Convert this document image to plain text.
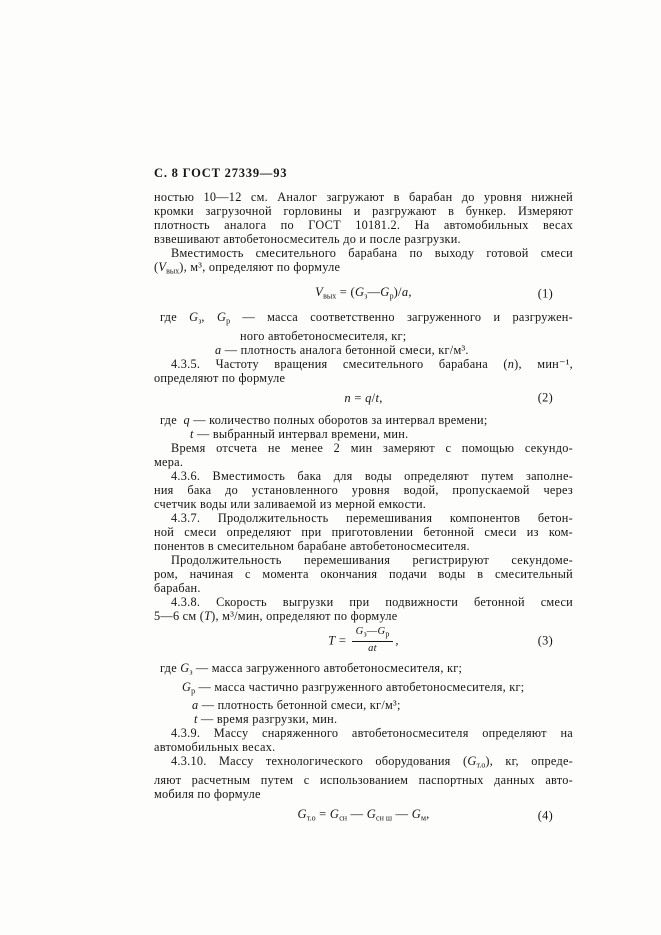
С. 8 ГОСТ 27339—93
ностью 10—12 см. Аналог загружают в барабан до уровня нижней
кромки загрузочной горловины и разгружают в бункер. Измеряют
плотность аналога по ГОСТ 10181.2. На автомобильных весах
взвешивают автобетоносмеситель до и после разгрузки.
Вместимость смесительного барабана по выходу готовой смеси
$(V_{вых})$, м³, определяют по формуле
$V_{вых}$ = $(G_з—G_р)/a$,	(1)
где $G_з$, $G_р$ — масса соответственно загруженного и разгружен-
ного автобетоносмесителя, кг;
a — плотность аналога бетонной смеси, кг/м³.
4.3.5. Частоту вращения смесительного барабана (n), мин⁻¹,
определяют по формуле
n = q/t,	(2)
где  q — количество полных оборотов за интервал времени;
t — выбранный интервал времени, мин.
Время отсчета не менее 2 мин замеряют с помощью секундо-
мера.
4.3.6. Вместимость бака для воды определяют путем заполне-
ния бака до установленного уровня водой, пропускаемой через
счетчик воды или заливаемой из мерной емкости.
4.3.7. Продолжительность перемешивания компонентов бетон-
ной смеси определяют при приготовлении бетонной смеси из ком-
понентов в смесительном барабане автобетоносмесителя.
Продолжительность перемешивания регистрируют секундоме-
ром, начиная с момента окончания подачи воды в смесительный
барабан.
4.3.8. Скорость выгрузки при подвижности бетонной смеси
5—6 см (T), м³/мин, определяют по формуле
$T = \frac{G_з—G_р}{at}$ ,	(3)
где $G_з$ — масса загруженного автобетоносмесителя, кг;
$G_р$ — масса частично разгруженного автобетоносмесителя, кг;
a — плотность бетонной смеси, кг/м³;
t — время разгрузки, мин.
4.3.9. Массу снаряженного автобетоносмесителя определяют на
автомобильных весах.
4.3.10. Массу технологического оборудования $(G_{т.о})$, кг, опреде-
ляют расчетным путем с использованием паспортных данных авто-
мобиля по формуле
$G_{т.о} = G_{сн}$ — $G_{сн ш}$ — $G_м$,	(4)
